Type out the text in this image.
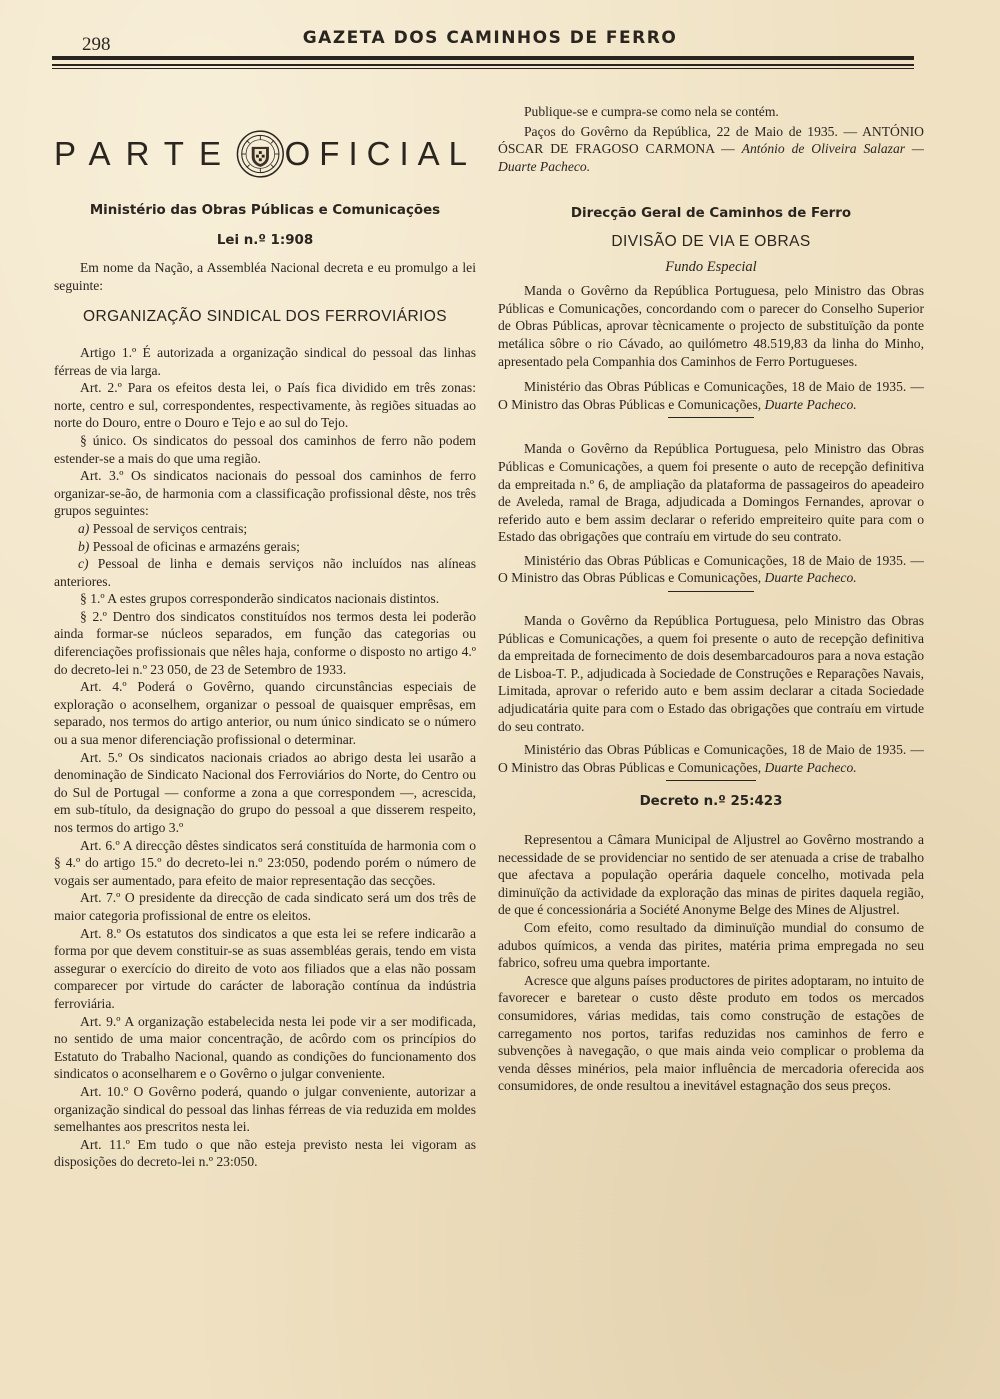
298	GAZETA DOS CAMINHOS DE FERRO
PARTE OFICIAL
Ministério das Obras Públicas e Comunicações
Lei n.º 1:908

Em nome da Nação, a Assembléa Nacional decreta e eu promulgo a lei seguinte:

ORGANIZAÇÃO SINDICAL DOS FERROVIÁRIOS

Artigo 1.º É autorizada a organização sindical do pessoal das linhas férreas de via larga.

Art. 2.º Para os efeitos desta lei, o País fica dividido em três zonas: norte, centro e sul, correspondentes, respectivamente, às regiões situadas ao norte do Douro, entre o Douro e Tejo e ao sul do Tejo.

§ único. Os sindicatos do pessoal dos caminhos de ferro não podem estender-se a mais do que uma região.

Art. 3.º Os sindicatos nacionais do pessoal dos caminhos de ferro organizar-se-ão, de harmonia com a classificação profissional dêste, nos três grupos seguintes:

a) Pessoal de serviços centrais;

b) Pessoal de oficinas e armazéns gerais;

c) Pessoal de linha e demais serviços não incluídos nas alíneas anteriores.

§ 1.º A estes grupos corresponderão sindicatos nacionais distintos.

§ 2.º Dentro dos sindicatos constituídos nos termos desta lei poderão ainda formar-se núcleos separados, em função das categorias ou diferenciações profissionais que nêles haja, conforme o disposto no artigo 4.º do decreto-lei n.º 23 050, de 23 de Setembro de 1933.

Art. 4.º Poderá o Govêrno, quando circunstâncias especiais de exploração o aconselhem, organizar o pessoal de quaisquer emprêsas, em separado, nos termos do artigo anterior, ou num único sindicato se o número ou a sua menor diferenciação profissional o determinar.

Art. 5.º Os sindicatos nacionais criados ao abrigo desta lei usarão a denominação de Sindicato Nacional dos Ferroviários do Norte, do Centro ou do Sul de Portugal — conforme a zona a que correspondem —, acrescida, em sub-título, da designação do grupo do pessoal a que disserem respeito, nos termos do artigo 3.º

Art. 6.º A direcção dêstes sindicatos será constituída de harmonia com o § 4.º do artigo 15.º do decreto-lei n.º 23:050, podendo porém o número de vogais ser aumentado, para efeito de maior representação das secções.

Art. 7.º O presidente da direcção de cada sindicato será um dos três de maior categoria profissional de entre os eleitos.

Art. 8.º Os estatutos dos sindicatos a que esta lei se refere indicarão a forma por que devem constituir-se as suas assembléas gerais, tendo em vista assegurar o exercício do direito de voto aos filiados que a elas não possam comparecer por virtude do carácter de laboração contínua da indústria ferroviária.

Art. 9.º A organização estabelecida nesta lei pode vir a ser modificada, no sentido de uma maior concentração, de acôrdo com os princípios do Estatuto do Trabalho Nacional, quando as condições do funcionamento dos sindicatos o aconselharem e o Govêrno o julgar conveniente.

Art. 10.º O Govêrno poderá, quando o julgar conveniente, autorizar a organização sindical do pessoal das linhas férreas de via reduzida em moldes semelhantes aos prescritos nesta lei.

Art. 11.º Em tudo o que não esteja previsto nesta lei vigoram as disposições do decreto-lei n.º 23:050.

Publique-se e cumpra-se como nela se contém.

Paços do Govêrno da República, 22 de Maio de 1935. — ANTÓNIO ÓSCAR DE FRAGOSO CARMONA — António de Oliveira Salazar — Duarte Pacheco.

Direcção Geral de Caminhos de Ferro
DIVISÃO DE VIA E OBRAS
Fundo Especial

Manda o Govêrno da República Portuguesa, pelo Ministro das Obras Públicas e Comunicações, concordando com o parecer do Conselho Superior de Obras Públicas, aprovar tècnicamente o projecto de substituïção da ponte metálica sôbre o rio Cávado, ao quilómetro 48.519,83 da linha do Minho, apresentado pela Companhia dos Caminhos de Ferro Portugueses.

Ministério das Obras Públicas e Comunicações, 18 de Maio de 1935. — O Ministro das Obras Públicas e Comunicações, Duarte Pacheco.

Manda o Govêrno da República Portuguesa, pelo Ministro das Obras Públicas e Comunicações, a quem foi presente o auto de recepção definitiva da empreitada n.º 6, de ampliação da plataforma de passageiros do apeadeiro de Aveleda, ramal de Braga, adjudicada a Domingos Fernandes, aprovar o referido auto e bem assim declarar o referido empreiteiro quite para com o Estado das obrigações que contraíu em virtude do seu contrato.

Ministério das Obras Públicas e Comunicações, 18 de Maio de 1935. — O Ministro das Obras Públicas e Comunicações, Duarte Pacheco.

Manda o Govêrno da República Portuguesa, pelo Ministro das Obras Públicas e Comunicações, a quem foi presente o auto de recepção definitiva da empreitada de fornecimento de dois desembarcadouros para a nova estação de Lisboa-T. P., adjudicada à Sociedade de Construções e Reparações Navais, Limitada, aprovar o referido auto e bem assim declarar a citada Sociedade adjudicatária quite para com o Estado das obrigações que contraíu em virtude do seu contrato.

Ministério das Obras Públicas e Comunicações, 18 de Maio de 1935. — O Ministro das Obras Públicas e Comunicações, Duarte Pacheco.

Decreto n.º 25:423

Representou a Câmara Municipal de Aljustrel ao Govêrno mostrando a necessidade de se providenciar no sentido de ser atenuada a crise de trabalho que afectava a população operária daquele concelho, motivada pela diminuïção da actividade da exploração das minas de pirites daquela região, de que é concessionária a Société Anonyme Belge des Mines de Aljustrel.

Com efeito, como resultado da diminuïção mundial do consumo de adubos químicos, a venda das pirites, matéria prima empregada no seu fabrico, sofreu uma quebra importante.

Acresce que alguns países productores de pirites adoptaram, no intuito de favorecer e baretear o custo dêste produto em todos os mercados consumidores, várias medidas, tais como construção de estações de carregamento nos portos, tarifas reduzidas nos caminhos de ferro e subvenções à navegação, o que mais ainda veio complicar o problema da venda dêsses minérios, pela maior influência de mercadoria oferecida aos consumidores, de onde resultou a inevitável estagnação dos seus preços.
